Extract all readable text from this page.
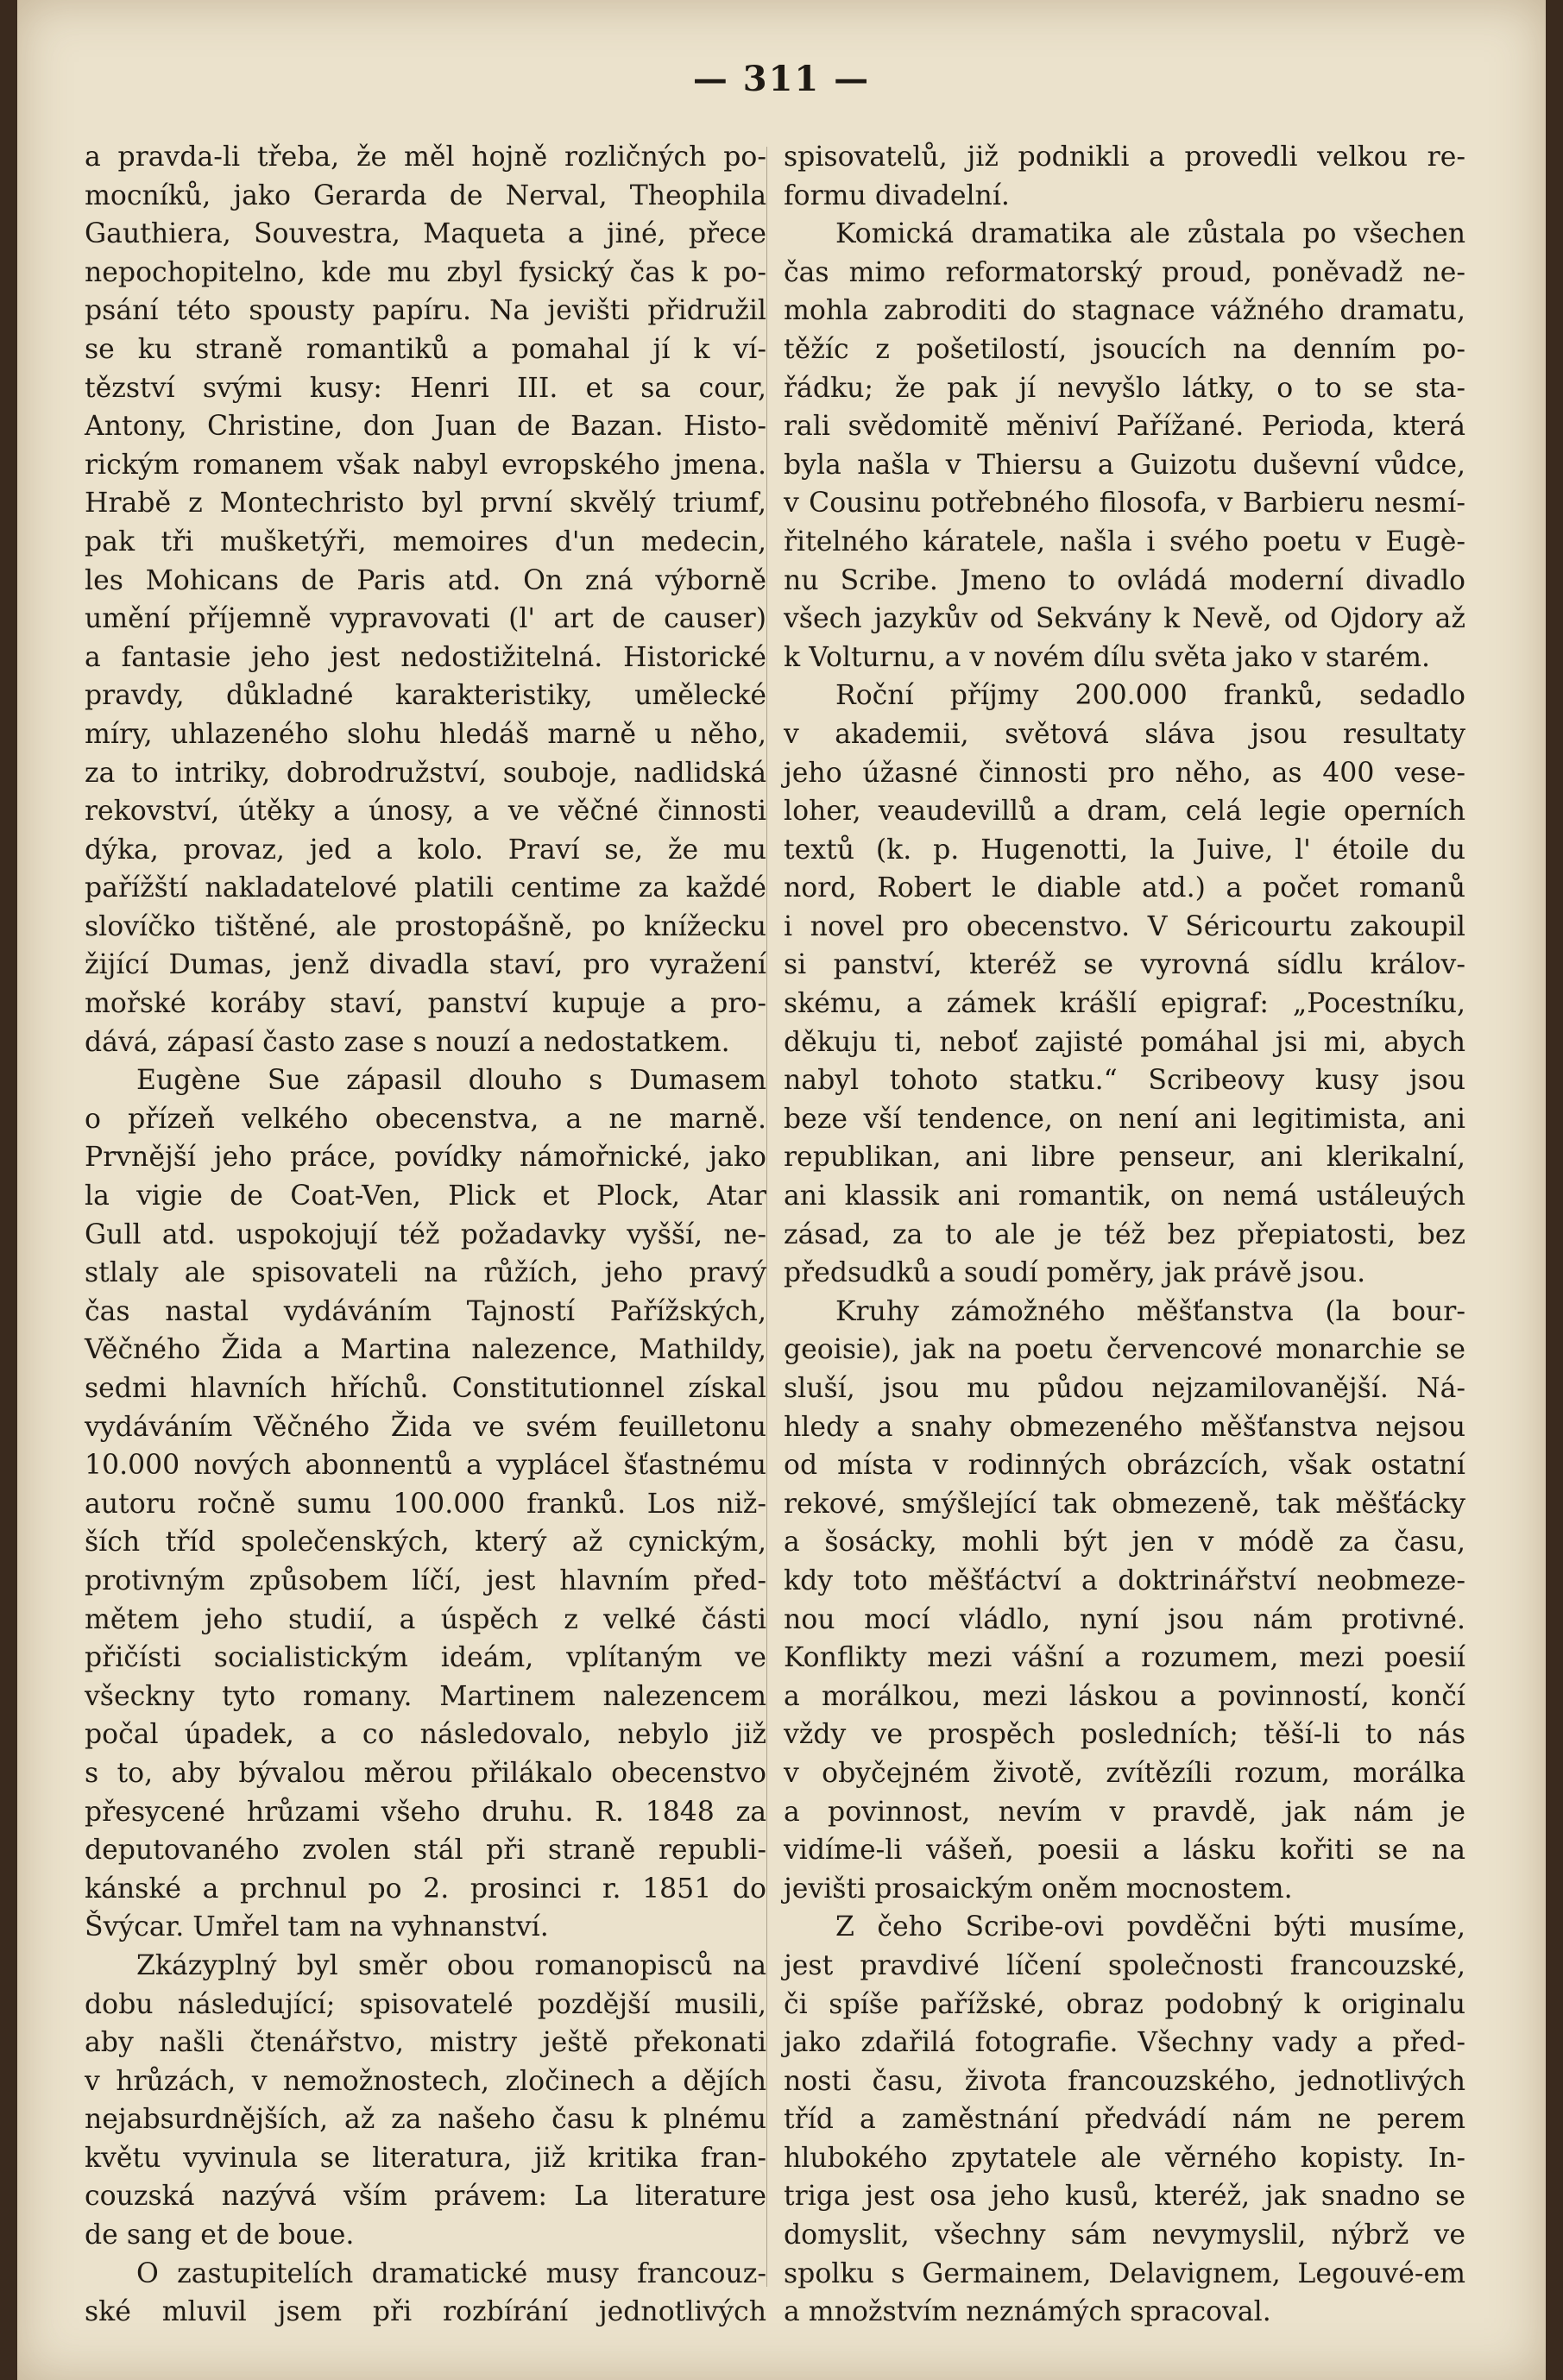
— 311 —
a pravda-li třeba, že měl hojně rozličných po-
mocníků, jako Gerarda de Nerval, Theophila
Gauthiera, Souvestra, Maqueta a jiné, přece
nepochopitelno, kde mu zbyl fysický čas k po-
psání této spousty papíru. Na jevišti přidružil
se ku straně romantiků a pomahal jí k ví-
tězství svými kusy: Henri III. et sa cour,
Antony, Christine, don Juan de Bazan. Histo-
rickým romanem však nabyl evropského jmena.
Hrabě z Montechristo byl první skvělý triumf,
pak tři mušketýři, memoires d'un medecin,
les Mohicans de Paris atd. On zná výborně
umění příjemně vypravovati (l' art de causer)
a fantasie jeho jest nedostižitelná. Historické
pravdy, důkladné karakteristiky, umělecké
míry, uhlazeného slohu hledáš marně u něho,
za to intriky, dobrodružství, souboje, nadlidská
rekovství, útěky a únosy, a ve věčné činnosti
dýka, provaz, jed a kolo. Praví se, že mu
pařížští nakladatelové platili centime za každé
slovíčko tištěné, ale prostopášně, po knížecku
žijící Dumas, jenž divadla staví, pro vyražení
mořské koráby staví, panství kupuje a pro-
dává, zápasí často zase s nouzí a nedostatkem.
Eugène Sue zápasil dlouho s Dumasem
o přízeň velkého obecenstva, a ne marně.
Prvnější jeho práce, povídky námořnické, jako
la vigie de Coat-Ven, Plick et Plock, Atar
Gull atd. uspokojují též požadavky vyšší, ne-
stlaly ale spisovateli na růžích, jeho pravý
čas nastal vydáváním Tajností Pařížských,
Věčného Žida a Martina nalezence, Mathildy,
sedmi hlavních hříchů. Constitutionnel získal
vydáváním Věčného Žida ve svém feuilletonu
10.000 nových abonnentů a vyplácel šťastnému
autoru ročně sumu 100.000 franků. Los niž-
ších tříd společenských, který až cynickým,
protivným způsobem líčí, jest hlavním před-
mětem jeho studií, a úspěch z velké části
přičísti socialistickým ideám, vplítaným ve
všeckny tyto romany. Martinem nalezencem
počal úpadek, a co následovalo, nebylo již
s to, aby bývalou měrou přilákalo obecenstvo
přesycené hrůzami všeho druhu. R. 1848 za
deputovaného zvolen stál při straně republi-
kánské a prchnul po 2. prosinci r. 1851 do
Švýcar. Umřel tam na vyhnanství.
Zkázyplný byl směr obou romanopisců na
dobu následující; spisovatelé pozdější musili,
aby našli čtenářstvo, mistry ještě překonati
v hrůzách, v nemožnostech, zločinech a dějích
nejabsurdnějších, až za našeho času k plnému
květu vyvinula se literatura, již kritika fran-
couzská nazývá vším právem: La literature
de sang et de boue.
O zastupitelích dramatické musy francouz-
ské mluvil jsem při rozbírání jednotlivých
spisovatelů, již podnikli a provedli velkou re-
formu divadelní.
Komická dramatika ale zůstala po všechen
čas mimo reformatorský proud, poněvadž ne-
mohla zabroditi do stagnace vážného dramatu,
těžíc z pošetilostí, jsoucích na denním po-
řádku; že pak jí nevyšlo látky, o to se sta-
rali svědomitě měniví Pařížané. Perioda, která
byla našla v Thiersu a Guizotu duševní vůdce,
v Cousinu potřebného filosofa, v Barbieru nesmí-
řitelného káratele, našla i svého poetu v Eugè-
nu Scribe. Jmeno to ovládá moderní divadlo
všech jazykův od Sekvány k Nevě, od Ojdory až
k Volturnu, a v novém dílu světa jako v starém.
Roční příjmy 200.000 franků, sedadlo
v akademii, světová sláva jsou resultaty
jeho úžasné činnosti pro něho, as 400 vese-
loher, veaudevillů a dram, celá legie operních
textů (k. p. Hugenotti, la Juive, l' étoile du
nord, Robert le diable atd.) a počet romanů
i novel pro obecenstvo. V Séricourtu zakoupil
si panství, kteréž se vyrovná sídlu králov-
skému, a zámek krášlí epigraf: „Pocestníku,
děkuju ti, neboť zajisté pomáhal jsi mi, abych
nabyl tohoto statku.“ Scribeovy kusy jsou
beze vší tendence, on není ani legitimista, ani
republikan, ani libre penseur, ani klerikalní,
ani klassik ani romantik, on nemá ustáleuých
zásad, za to ale je též bez přepiatosti, bez
předsudků a soudí poměry, jak právě jsou.
Kruhy zámožného měšťanstva (la bour-
geoisie), jak na poetu červencové monarchie se
sluší, jsou mu půdou nejzamilovanější. Ná-
hledy a snahy obmezeného měšťanstva nejsou
od místa v rodinných obrázcích, však ostatní
rekové, smýšlející tak obmezeně, tak měšťácky
a šosácky, mohli být jen v módě za času,
kdy toto měšťáctví a doktrinářství neobmeze-
nou mocí vládlo, nyní jsou nám protivné.
Konflikty mezi vášní a rozumem, mezi poesií
a morálkou, mezi láskou a povinností, končí
vždy ve prospěch posledních; těší-li to nás
v obyčejném životě, zvítězíli rozum, morálka
a povinnost, nevím v pravdě, jak nám je
vidíme-li vášeň, poesii a lásku kořiti se na
jevišti prosaickým oněm mocnostem.
Z čeho Scribe-ovi povděčni býti musíme,
jest pravdivé líčení společnosti francouzské,
či spíše pařížské, obraz podobný k originalu
jako zdařilá fotografie. Všechny vady a před-
nosti času, života francouzského, jednotlivých
tříd a zaměstnání předvádí nám ne perem
hlubokého zpytatele ale věrného kopisty. In-
triga jest osa jeho kusů, kteréž, jak snadno se
domyslit, všechny sám nevymyslil, nýbrž ve
spolku s Germainem, Delavignem, Legouvé-em
a množstvím neznámých spracoval.
